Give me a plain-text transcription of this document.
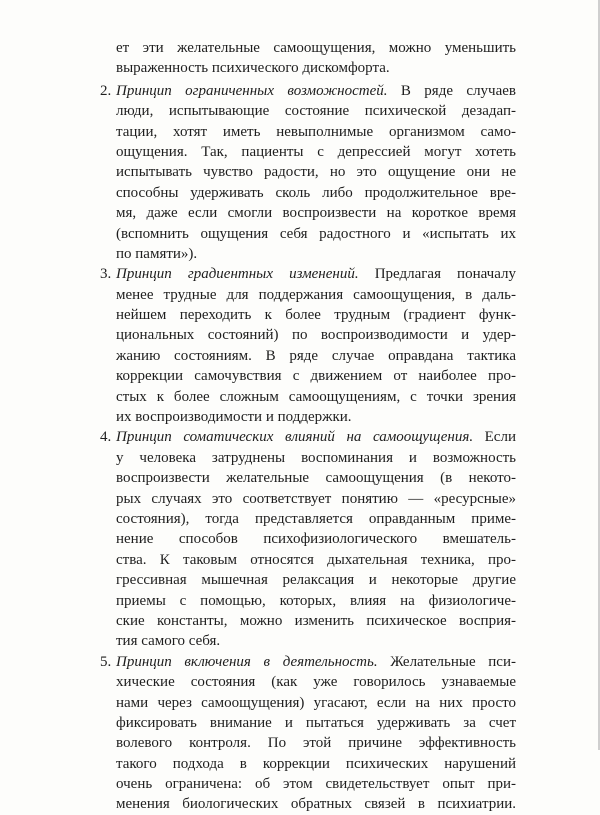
ет эти желательные самоощущения, можно уменьшить
выраженность психического дискомфорта.
2. Принцип ограниченных возможностей. В ряде случаев
люди, испытывающие состояние психической дезадап-
тации, хотят иметь невыполнимые организмом само-
ощущения. Так, пациенты с депрессией могут хотеть
испытывать чувство радости, но это ощущение они не
способны удерживать сколь либо продолжительное вре-
мя, даже если смогли воспроизвести на короткое время
(вспомнить ощущения себя радостного и «испытать их
по памяти»).
3. Принцип градиентных изменений. Предлагая поначалу
менее трудные для поддержания самоощущения, в даль-
нейшем переходить к более трудным (градиент функ-
циональных состояний) по воспроизводимости и удер-
жанию состояниям. В ряде случае оправдана тактика
коррекции самочувствия с движением от наиболее про-
стых к более сложным самоощущениям, с точки зрения
их воспроизводимости и поддержки.
4. Принцип соматических влияний на самоощущения. Если
у человека затруднены воспоминания и возможность
воспроизвести желательные самоощущения (в некото-
рых случаях это соответствует понятию — «ресурсные»
состояния), тогда представляется оправданным приме-
нение способов психофизиологического вмешатель-
ства. К таковым относятся дыхательная техника, про-
грессивная мышечная релаксация и некоторые другие
приемы с помощью, которых, влияя на физиологиче-
ские константы, можно изменить психическое восприя-
тия самого себя.
5. Принцип включения в деятельность. Желательные пси-
хические состояния (как уже говорилось узнаваемые
нами через самоощущения) угасают, если на них просто
фиксировать внимание и пытаться удерживать за счет
волевого контроля. По этой причине эффективность
такого подхода в коррекции психических нарушений
очень ограничена: об этом свидетельствует опыт при-
менения биологических обратных связей в психиатрии.
